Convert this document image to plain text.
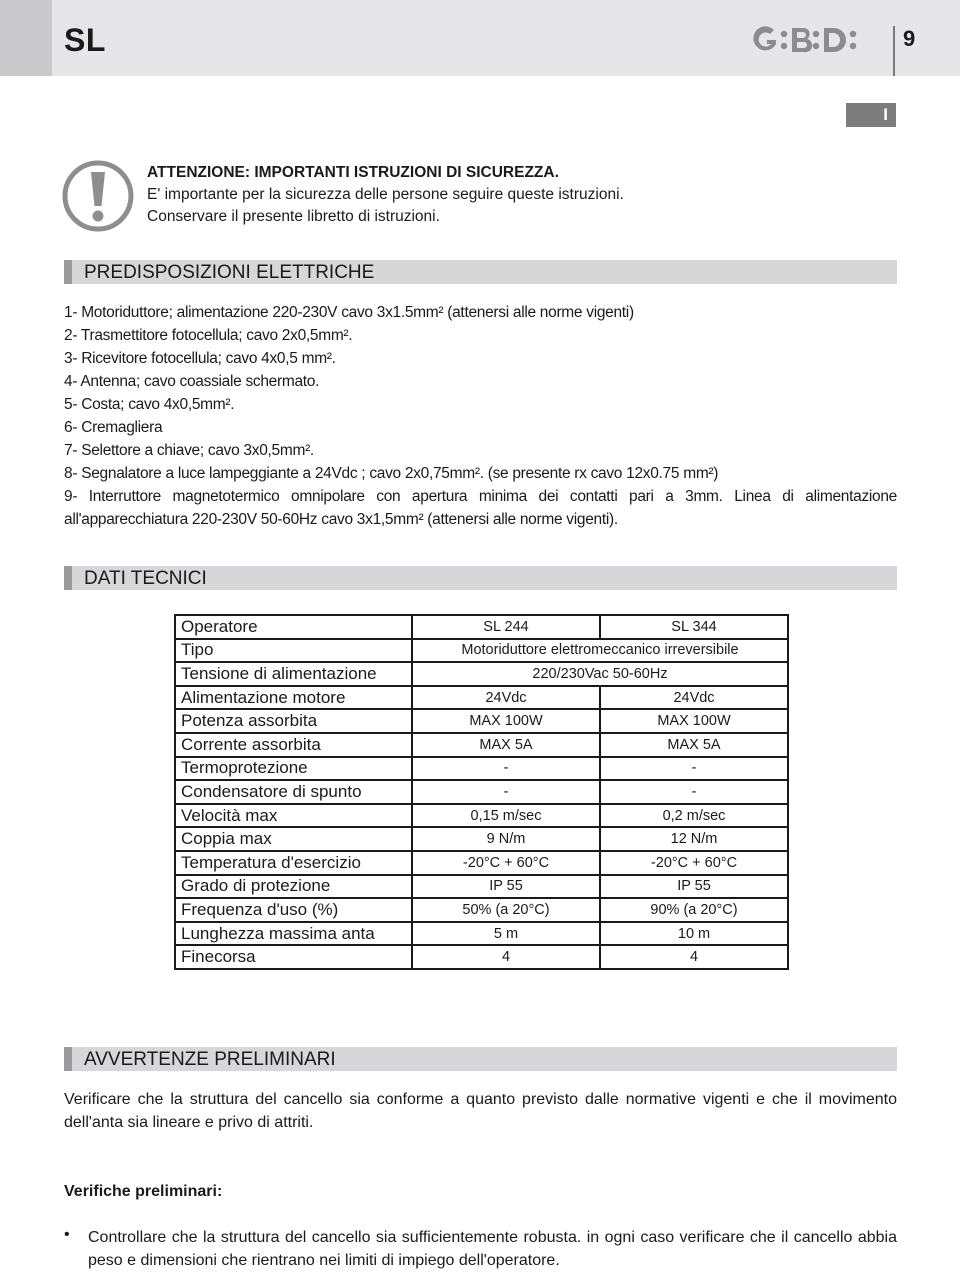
SL	9
I
ATTENZIONE: IMPORTANTI ISTRUZIONI DI SICUREZZA.
E' importante per la sicurezza delle persone seguire queste istruzioni.
Conservare il presente libretto di istruzioni.
PREDISPOSIZIONI ELETTRICHE
1- Motoriduttore; alimentazione 220-230V cavo 3x1.5mm² (attenersi alle norme vigenti)
2- Trasmettitore fotocellula; cavo 2x0,5mm².
3- Ricevitore fotocellula; cavo 4x0,5 mm².
4- Antenna; cavo coassiale schermato.
5- Costa; cavo 4x0,5mm².
6- Cremagliera
7- Selettore a chiave; cavo 3x0,5mm².
8- Segnalatore a luce lampeggiante a 24Vdc ; cavo 2x0,75mm². (se presente rx cavo 12x0.75 mm²)
9- Interruttore magnetotermico omnipolare con apertura minima dei contatti pari a 3mm. Linea di alimentazione all'apparecchiatura 220-230V 50-60Hz cavo 3x1,5mm² (attenersi alle norme vigenti).
DATI TECNICI
Operatore	SL 244	SL 344
Tipo	Motoriduttore elettromeccanico irreversibile	
Tensione di alimentazione	220/230Vac 50-60Hz	
Alimentazione motore	24Vdc	24Vdc
Potenza assorbita	MAX 100W	MAX 100W
Corrente assorbita	MAX 5A	MAX 5A
Termoprotezione	-	-
Condensatore di spunto	-	-
Velocità max	0,15 m/sec	0,2 m/sec
Coppia max	9 N/m	12 N/m
Temperatura d'esercizio	-20°C + 60°C	-20°C + 60°C
Grado di protezione	IP 55	IP 55
Frequenza d'uso (%)	50% (a 20°C)	90% (a 20°C)
Lunghezza massima anta	5 m	10 m
Finecorsa	4	4
AVVERTENZE PRELIMINARI
Verificare che la struttura del cancello sia conforme a quanto previsto dalle normative vigenti e che il movimento dell'anta sia lineare e privo di attriti.
Verifiche preliminari:
• Controllare che la struttura del cancello sia sufficientemente robusta. in ogni caso verificare che il cancello abbia peso e dimensioni che rientrano nei limiti di impiego dell'operatore.
